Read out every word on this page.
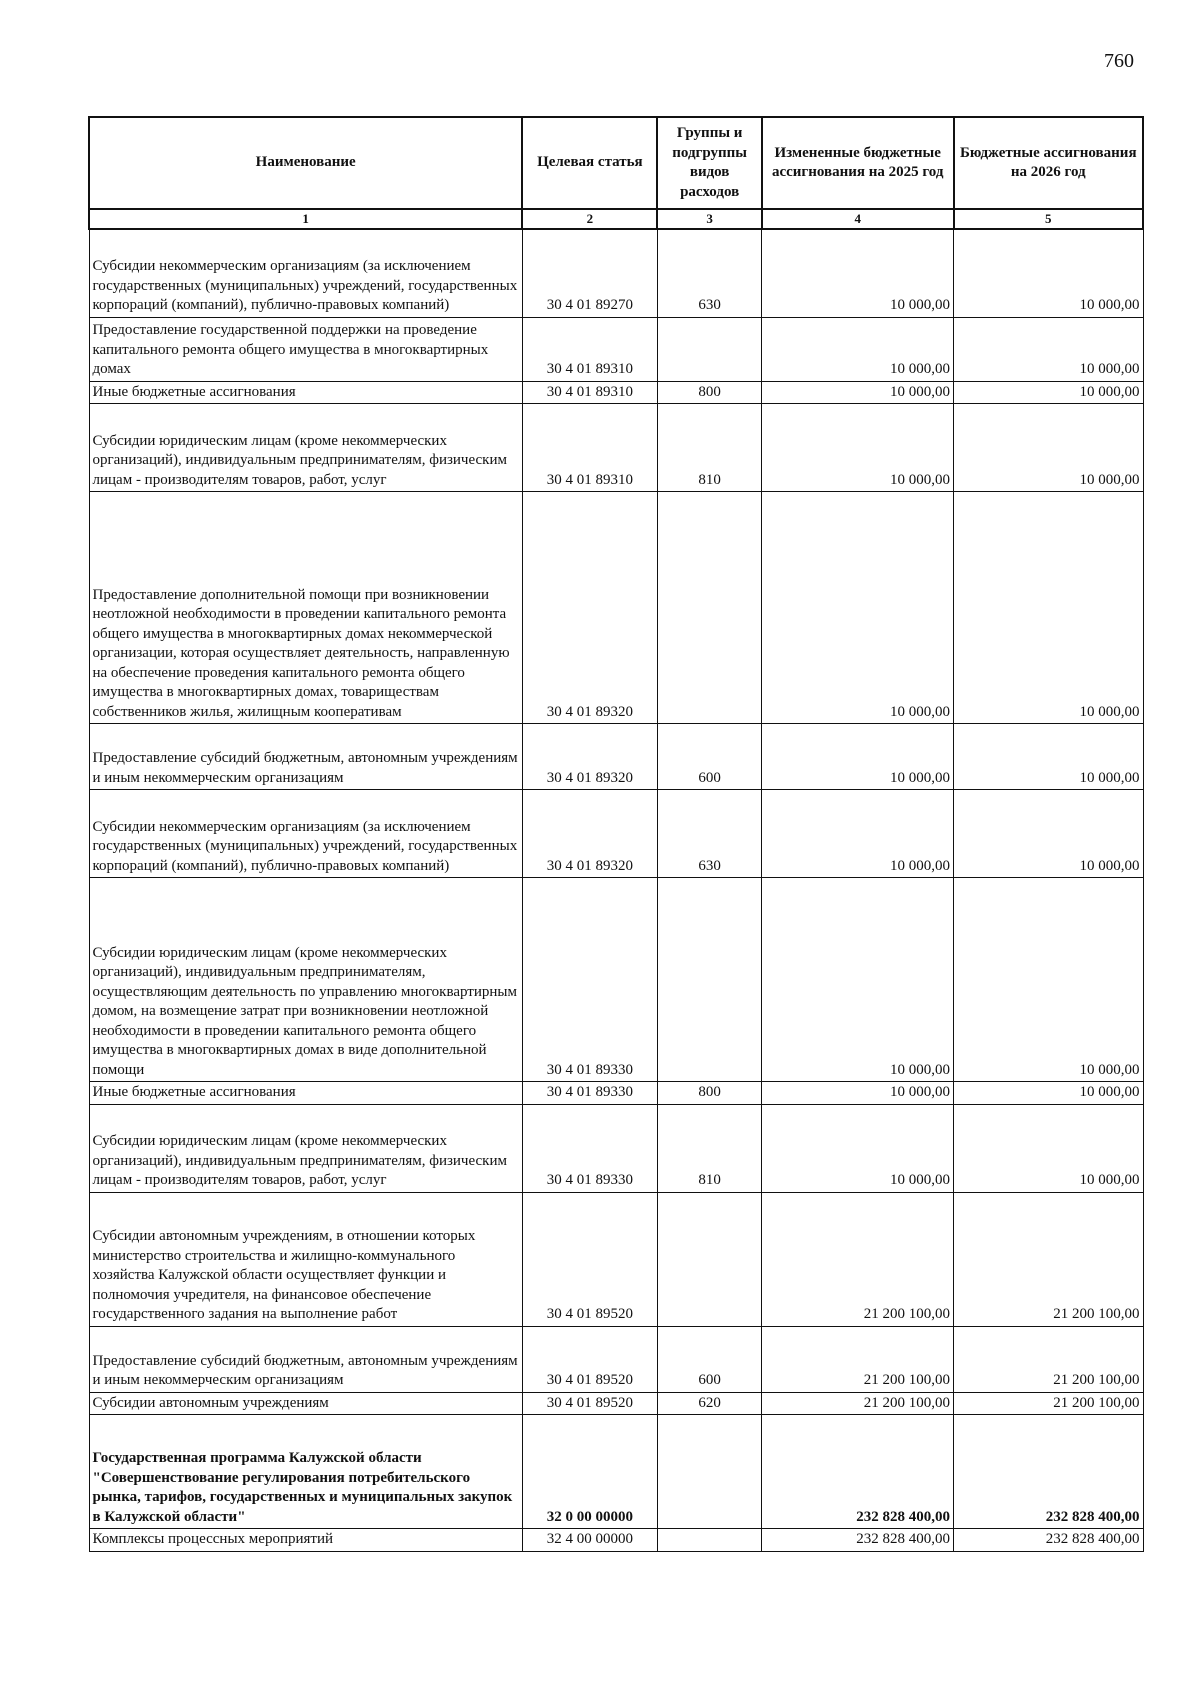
760
Наименование	Целевая статья	Группы и подгруппы видов расходов	Измененные бюджетные ассигнования на 2025 год	Бюджетные ассигнования на 2026 год
1	2	3	4	5
Субсидии некоммерческим организациям (за исключением государственных (муниципальных) учреждений, государственных корпораций (компаний), публично-правовых компаний)	30 4 01 89270	630	10 000,00	10 000,00
Предоставление государственной поддержки на проведение капитального ремонта общего имущества в многоквартирных домах	30 4 01 89310		10 000,00	10 000,00
Иные бюджетные ассигнования	30 4 01 89310	800	10 000,00	10 000,00
Субсидии юридическим лицам (кроме некоммерческих организаций), индивидуальным предпринимателям, физическим лицам - производителям товаров, работ, услуг	30 4 01 89310	810	10 000,00	10 000,00
Предоставление дополнительной помощи при возникновении неотложной необходимости в проведении капитального ремонта общего имущества в многоквартирных домах некоммерческой организации, которая осуществляет деятельность, направленную на обеспечение проведения капитального ремонта общего имущества в многоквартирных домах, товариществам собственников жилья, жилищным кооперативам	30 4 01 89320		10 000,00	10 000,00
Предоставление субсидий бюджетным, автономным учреждениям и иным некоммерческим организациям	30 4 01 89320	600	10 000,00	10 000,00
Субсидии некоммерческим организациям (за исключением государственных (муниципальных) учреждений, государственных корпораций (компаний), публично-правовых компаний)	30 4 01 89320	630	10 000,00	10 000,00
Субсидии юридическим лицам (кроме некоммерческих организаций), индивидуальным предпринимателям, осуществляющим деятельность по управлению многоквартирным домом, на возмещение затрат при возникновении неотложной необходимости в проведении капитального ремонта общего имущества в многоквартирных домах в виде дополнительной помощи	30 4 01 89330		10 000,00	10 000,00
Иные бюджетные ассигнования	30 4 01 89330	800	10 000,00	10 000,00
Субсидии юридическим лицам (кроме некоммерческих организаций), индивидуальным предпринимателям, физическим лицам - производителям товаров, работ, услуг	30 4 01 89330	810	10 000,00	10 000,00
Субсидии автономным учреждениям, в отношении которых министерство строительства и жилищно-коммунального хозяйства Калужской области осуществляет функции и полномочия учредителя, на финансовое обеспечение государственного задания на выполнение работ	30 4 01 89520		21 200 100,00	21 200 100,00
Предоставление субсидий бюджетным, автономным учреждениям и иным некоммерческим организациям	30 4 01 89520	600	21 200 100,00	21 200 100,00
Субсидии автономным учреждениям	30 4 01 89520	620	21 200 100,00	21 200 100,00
Государственная программа Калужской области "Совершенствование регулирования потребительского рынка, тарифов, государственных и муниципальных закупок в Калужской области"	32 0 00 00000		232 828 400,00	232 828 400,00
Комплексы процессных мероприятий	32 4 00 00000		232 828 400,00	232 828 400,00
